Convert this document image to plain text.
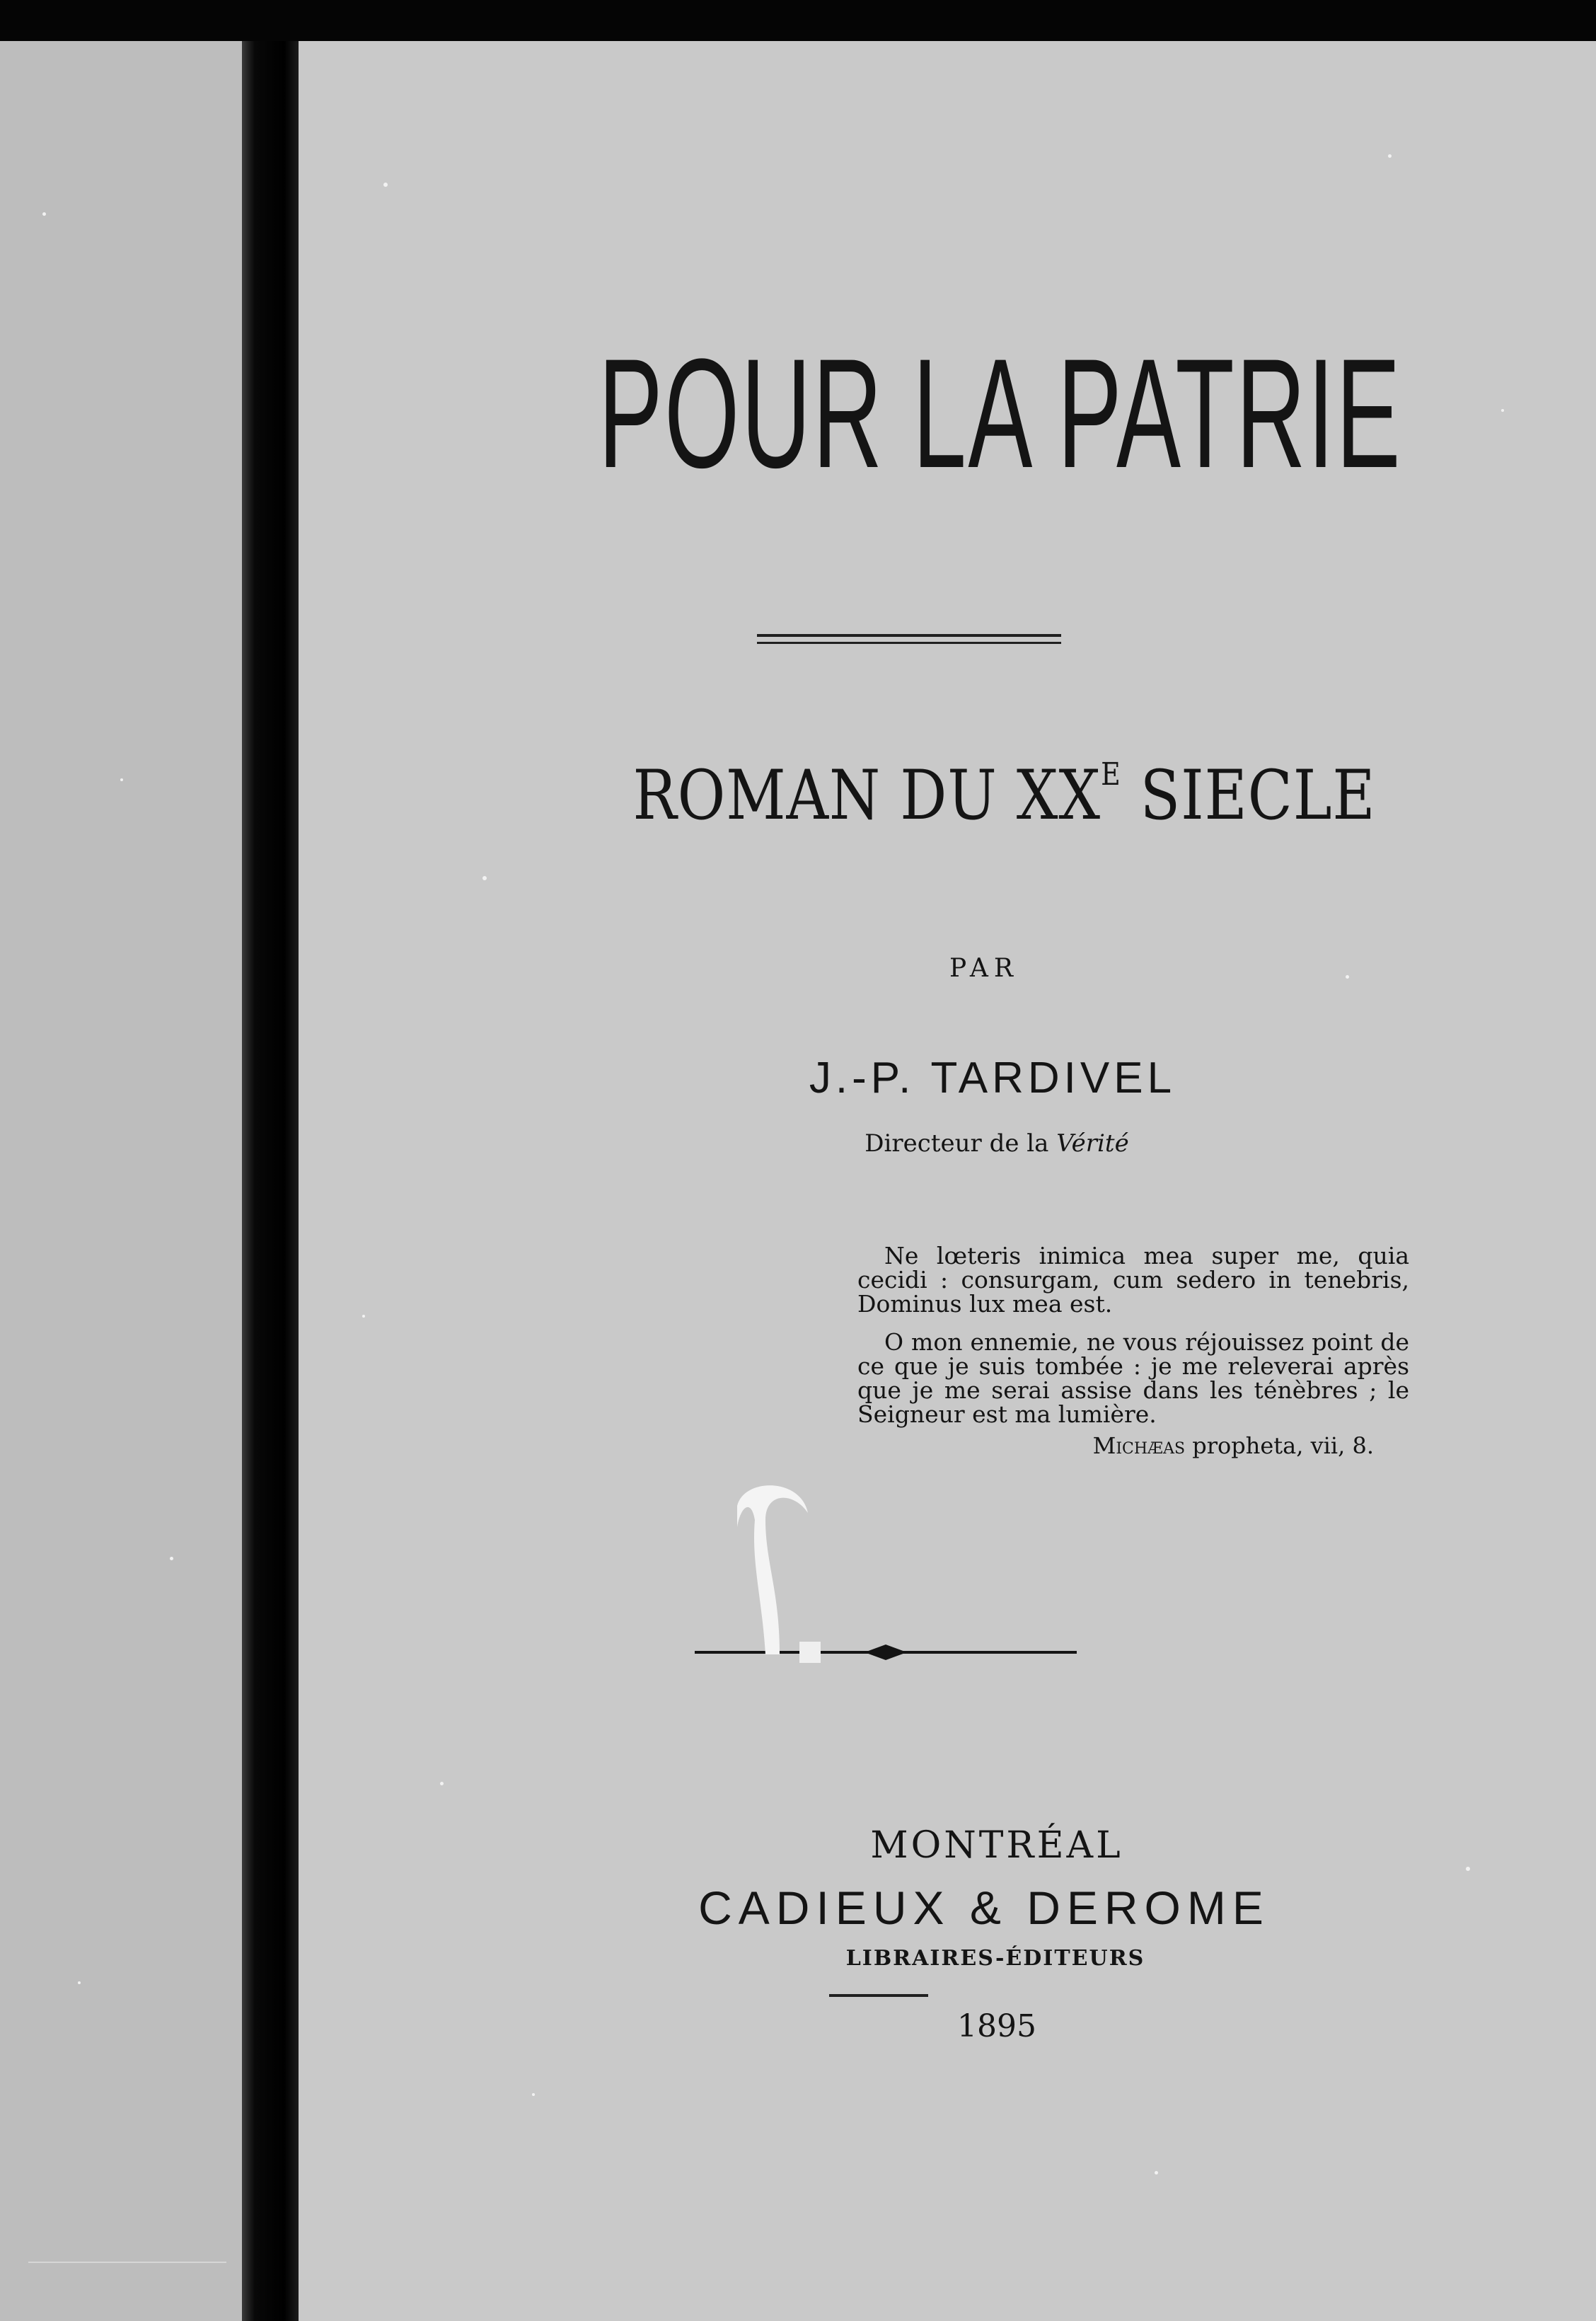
POUR LA PATRIE
ROMAN DU $XX^E$ SIECLE
PAR
J.-P. TARDIVEL
Directeur de la Vérité

Ne lœteris inimica mea super me, quia cecidi : consurgam, cum sedero in tenebris, Dominus lux mea est.

O mon ennemie, ne vous réjouissez point de ce que je suis tombée : je me releverai après que je me serai assise dans les ténèbres ; le Seigneur est ma lumière.

Michæas propheta, vii, 8.
MONTRÉAL
CADIEUX & DEROME
LIBRAIRES-ÉDITEURS
1895
